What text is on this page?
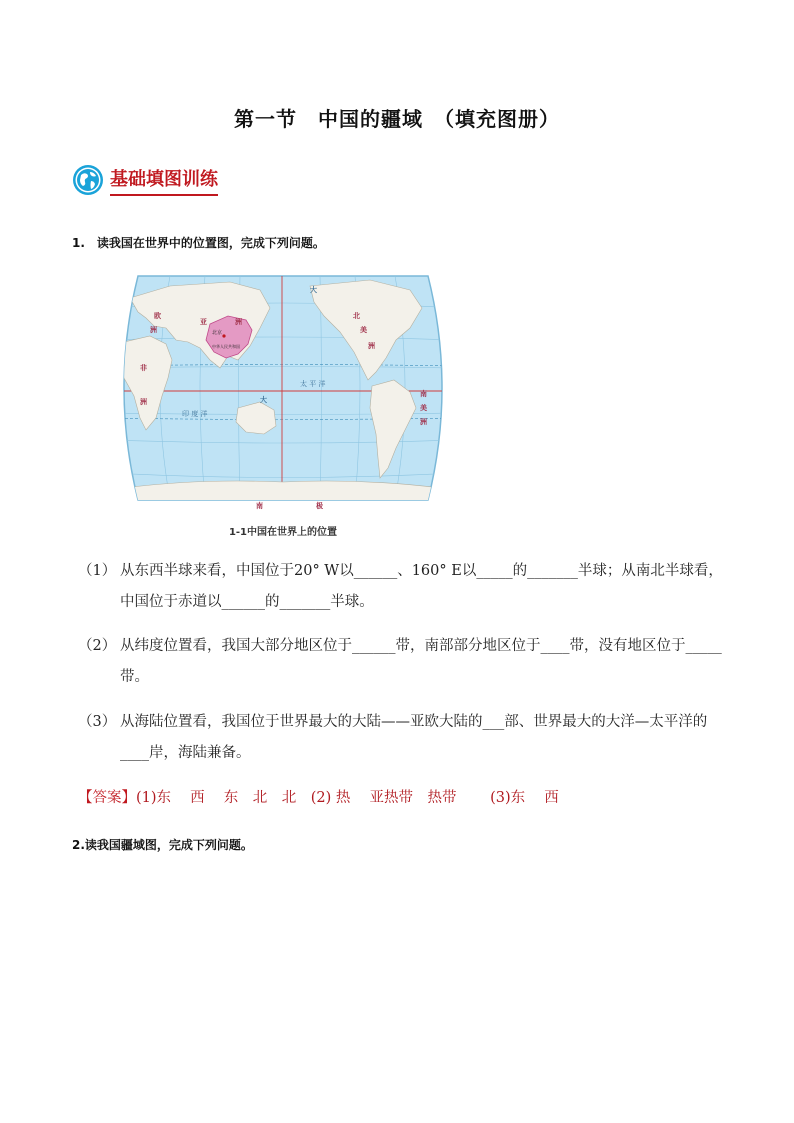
第一节　中国的疆域　（填充图册）
基础填图训练
1.　读我国在世界中的位置图，完成下列问题。
欧
洲
亚	洲
非
洲
北
美
洲
南
美
洲
南	极
印 度 洋
太 平 洋
北京
中华人民共和国
大
大
1-1中国在世界上的位置
（1） 从东西半球来看，中国位于20° W以______、160° E以_____的_______半球；从南北半球看，中国位于赤道以______的_______半球。
（2） 从纬度位置看，我国大部分地区位于______带，南部部分地区位于____带，没有地区位于_____带。
（3） 从海陆位置看，我国位于世界最大的大陆——亚欧大陆的___部、世界最大的大洋—太平洋的____岸，海陆兼备。
【答案】(1)东　 西　 东　北　北　(2) 热　 亚热带　热带　　 (3)东　 西
2.读我国疆域图，完成下列问题。
